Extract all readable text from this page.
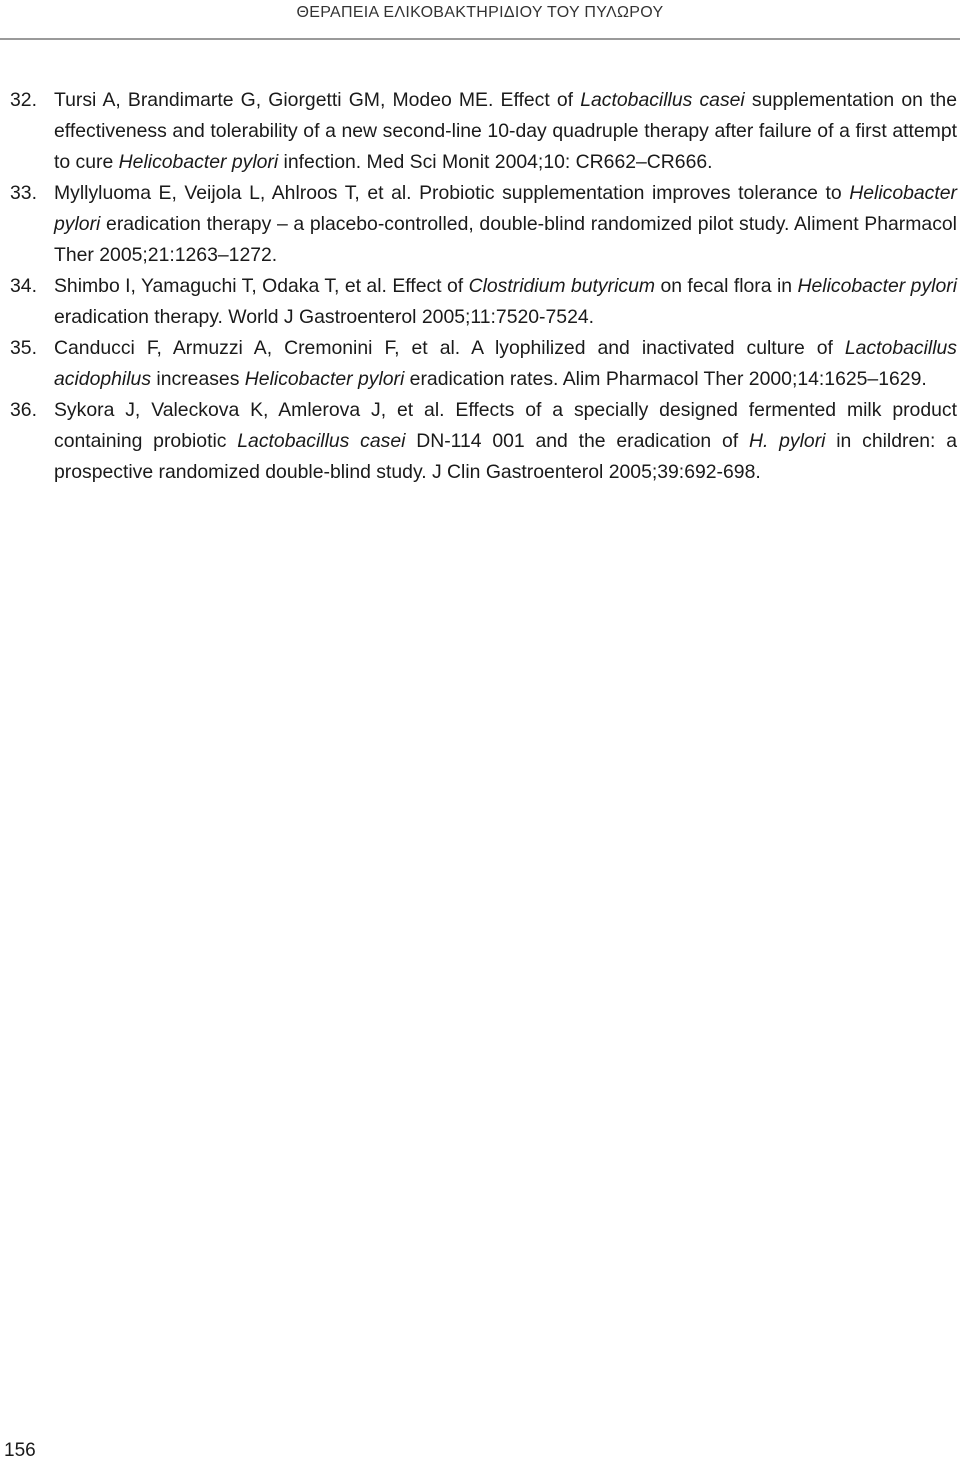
ΘΕΡΑΠΕΙΑ ΕΛΙΚΟΒΑΚΤΗΡΙΔΙΟΥ ΤΟΥ ΠΥΛΩΡΟΥ
32. Tursi A, Brandimarte G, Giorgetti GM, Modeo ME. Effect of Lactobacillus casei supplementation on the effectiveness and tolerability of a new second-line 10-day quadruple therapy after failure of a first attempt to cure Helicobacter pylori infection. Med Sci Monit 2004;10: CR662–CR666.
33. Myllyluoma E, Veijola L, Ahlroos T, et al. Probiotic supplementation improves tolerance to Helicobacter pylori eradication therapy – a placebo-controlled, double-blind randomized pilot study. Aliment Pharmacol Ther 2005;21:1263–1272.
34. Shimbo I, Yamaguchi T, Odaka T, et al. Effect of Clostridium butyricum on fecal flora in Helicobacter pylori eradication therapy. World J Gastroenterol 2005;11:7520-7524.
35. Canducci F, Armuzzi A, Cremonini F, et al. A lyophilized and inactivated culture of Lactobacillus acidophilus increases Helicobacter pylori eradication rates. Alim Pharmacol Ther 2000;14:1625–1629.
36. Sykora J, Valeckova K, Amlerova J, et al. Effects of a specially designed fermented milk product containing probiotic Lactobacillus casei DN-114 001 and the eradication of H. pylori in children: a prospective randomized double-blind study. J Clin Gastroenterol 2005;39:692-698.
156
